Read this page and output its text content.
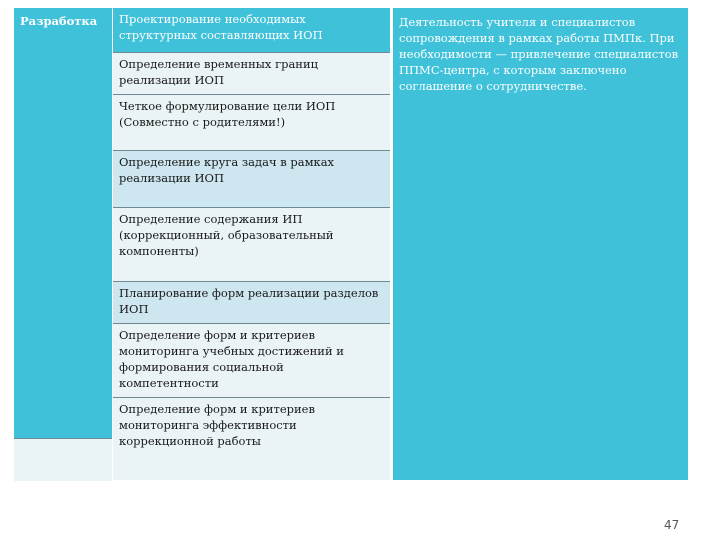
Разработка	Проектирование необходимых структурных составляющих ИОП
Определение временных границ реализации ИОП
Четкое формулирование цели ИОП (Совместно с родителями!)
Определение круга задач в рамках реализации ИОП
Определение содержания ИП (коррекционный, образовательный компоненты)
Планирование форм реализации разделов ИОП
Определение форм и критериев мониторинга учебных достижений и формирования социальной компетентности
Определение форм и критериев мониторинга эффективности коррекционной работы
Деятельность учителя и специалистов сопровождения в рамках работы ПМПк. При необходимости — привлечение специалистов ППМС-центра, с которым заключено соглашение о сотрудничестве.
47
